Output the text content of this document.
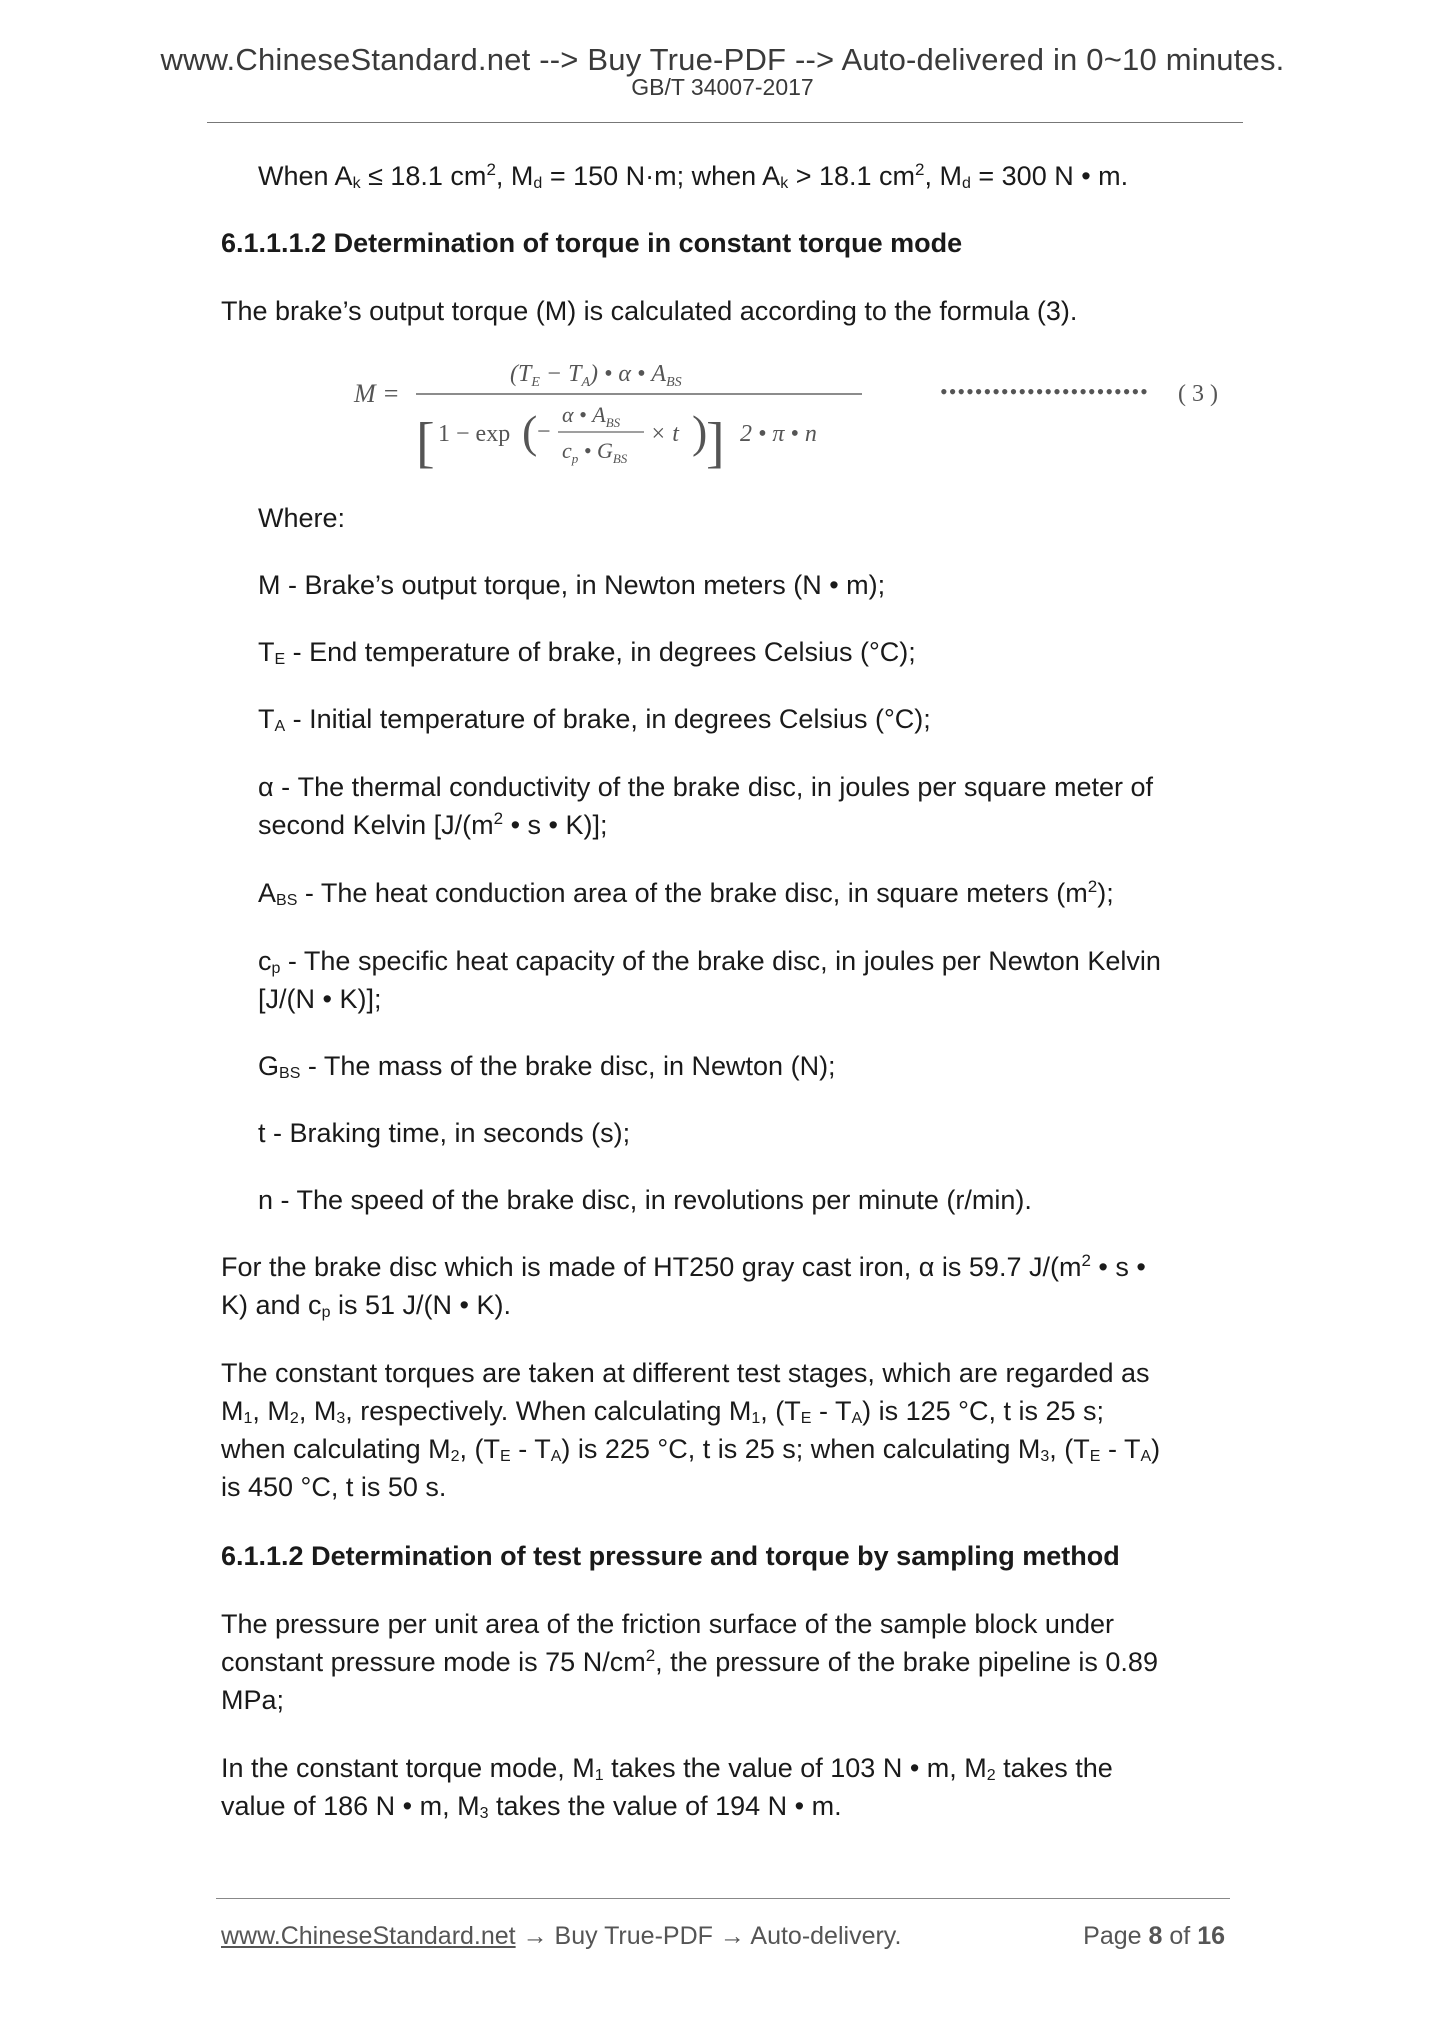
www.ChineseStandard.net --> Buy True-PDF --> Auto-delivered in 0~10 minutes.
GB/T 34007-2017
When $A_k \le 18.1$ $cm^2$, $M_d = 150$ N·m; when $A_k > 18.1$ $cm^2$, $M_d = 300$ N • m.
6.1.1.1.2 Determination of torque in constant torque mode
The brake’s output torque (M) is calculated according to the formula (3).
M =
$(T_E - T_A)$ • α • $A_{BS}$
[ 1 − exp ( −
α • $A_{BS}$
$c_p$ • $G_{BS}$
× t )
] 2 • π • n
•••••••••••••••••••••••• ( 3 )
Where:
M - Brake’s output torque, in Newton meters (N • m);
$T_E$ - End temperature of brake, in degrees Celsius (°C);
$T_A$ - Initial temperature of brake, in degrees Celsius (°C);
α - The thermal conductivity of the brake disc, in joules per square meter of
second Kelvin [$J/(m^2$ • s • K)];
$A_{BS}$ - The heat conduction area of the brake disc, in square meters $(m^2)$;
$c_p$ - The specific heat capacity of the brake disc, in joules per Newton Kelvin
[J/(N • K)];
$G_{BS}$ - The mass of the brake disc, in Newton (N);
t - Braking time, in seconds (s);
n - The speed of the brake disc, in revolutions per minute (r/min).
For the brake disc which is made of HT250 gray cast iron, α is 59.7 $J/(m^2$ • s •
K) and $c_p$ is 51 J/(N • K).
The constant torques are taken at different test stages, which are regarded as
$M_1$, $M_2$, $M_3$, respectively. When calculating $M_1$, $(T_E - T_A)$ is 125 °C, t is 25 s;
when calculating $M_2$, $(T_E - T_A)$ is 225 °C, t is 25 s; when calculating $M_3$, $(T_E - T_A)$
is 450 °C, t is 50 s.
6.1.1.2 Determination of test pressure and torque by sampling method
The pressure per unit area of the friction surface of the sample block under
constant pressure mode is 75 $N/cm^2$, the pressure of the brake pipeline is 0.89
MPa;
In the constant torque mode, $M_1$ takes the value of 103 N • m, $M_2$ takes the
value of 186 N • m, $M_3$ takes the value of 194 N • m.
www.ChineseStandard.net → Buy True-PDF → Auto-delivery.	Page 8 of 16
